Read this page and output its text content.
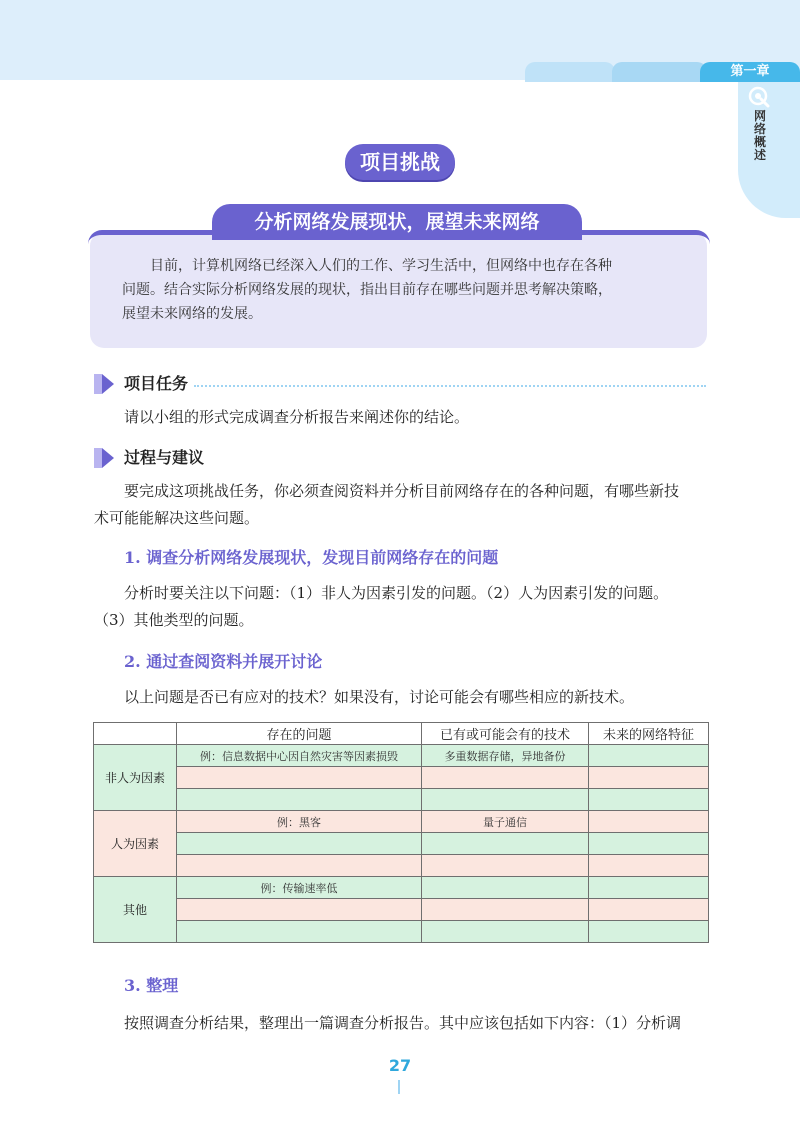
第一章
网络概述
项目挑战
分析网络发展现状，展望未来网络
目前，计算机网络已经深入人们的工作、学习生活中，但网络中也存在各种
问题。结合实际分析网络发展的现状，指出目前存在哪些问题并思考解决策略，
展望未来网络的发展。
项目任务
请以小组的形式完成调查分析报告来阐述你的结论。
过程与建议
要完成这项挑战任务，你必须查阅资料并分析目前网络存在的各种问题，有哪些新技
术可能能解决这些问题。
1. 调查分析网络发展现状，发现目前网络存在的问题
分析时要关注以下问题：（1）非人为因素引发的问题。（2）人为因素引发的问题。
（3）其他类型的问题。
2. 通过查阅资料并展开讨论
以上问题是否已有应对的技术？如果没有，讨论可能会有哪些相应的新技术。
	存在的问题	已有或可能会有的技术	未来的网络特征
非人为因素	例：信息数据中心因自然灾害等因素损毁	多重数据存储，异地备份	

人为因素	例：黑客	量子通信	

其他	例：传输速率低		

3. 整理
按照调查分析结果，整理出一篇调查分析报告。其中应该包括如下内容：（1）分析调
27
